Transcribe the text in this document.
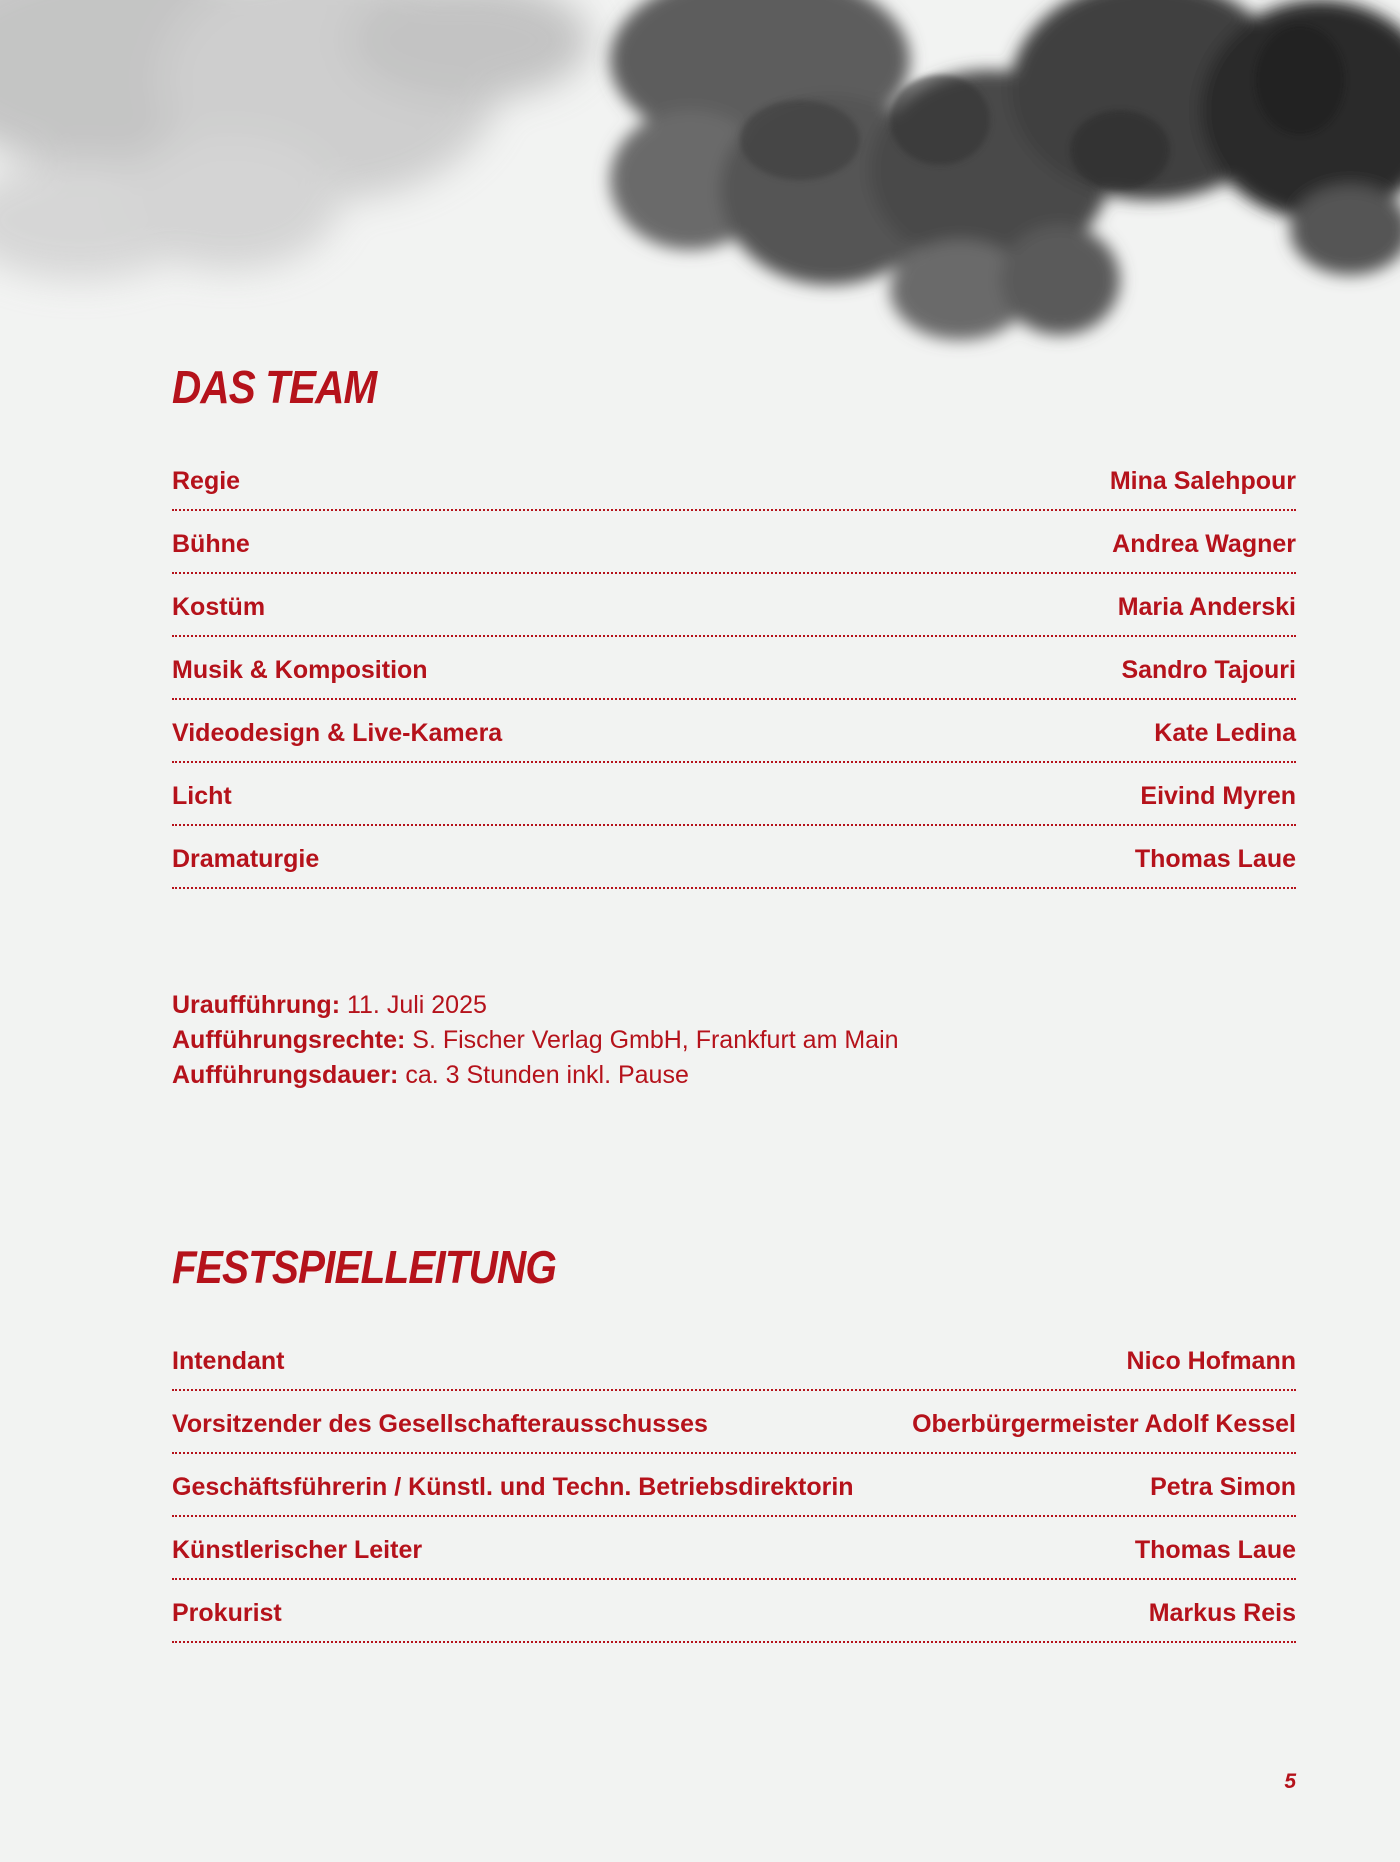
DAS TEAM
Regie	Mina Salehpour
Bühne	Andrea Wagner
Kostüm	Maria Anderski
Musik & Komposition	Sandro Tajouri
Videodesign & Live-Kamera	Kate Ledina
Licht	Eivind Myren
Dramaturgie	Thomas Laue
Uraufführung: 11. Juli 2025
Aufführungsrechte: S. Fischer Verlag GmbH, Frankfurt am Main
Aufführungsdauer: ca. 3 Stunden inkl. Pause
FESTSPIELLEITUNG
Intendant	Nico Hofmann
Vorsitzender des Gesellschafterausschusses	Oberbürgermeister Adolf Kessel
Geschäftsführerin / Künstl. und Techn. Betriebsdirektorin	Petra Simon
Künstlerischer Leiter	Thomas Laue
Prokurist	Markus Reis
5
